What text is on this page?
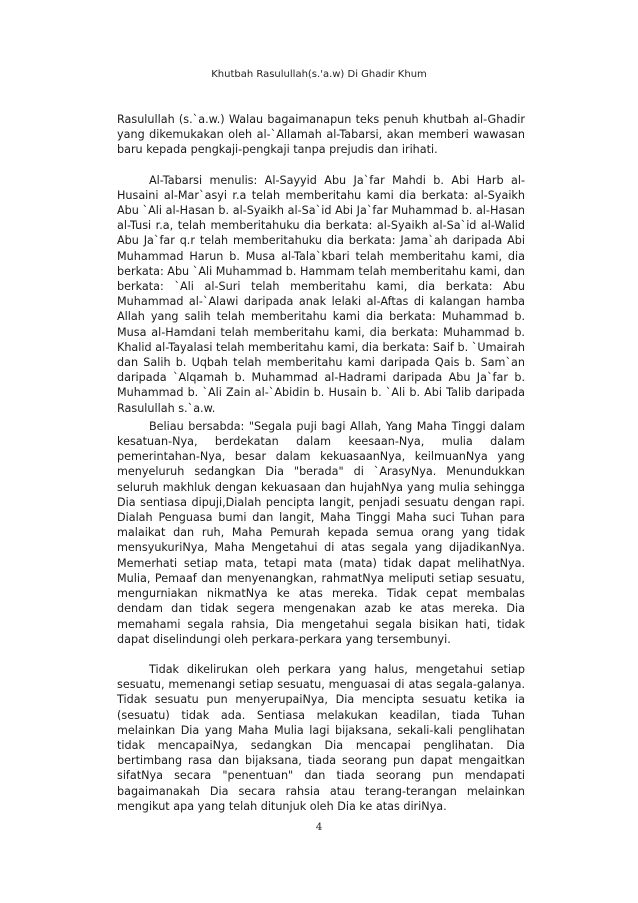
Khutbah Rasulullah(s.'a.w) Di Ghadir Khum

Rasulullah (s.`a.w.) Walau bagaimanapun teks penuh khutbah al-Ghadir yang dikemukakan oleh al-`Allamah al-Tabarsi, akan memberi wawasan baru kepada pengkaji-pengkaji tanpa prejudis dan irihati.

Al-Tabarsi menulis: Al-Sayyid Abu Ja`far Mahdi b. Abi Harb al-Husaini al-Mar`asyi r.a telah memberitahu kami dia berkata: al-Syaikh Abu `Ali al-Hasan b. al-Syaikh al-Sa`id Abi Ja`far Muhammad b. al-Hasan al-Tusi r.a, telah memberitahuku dia berkata: al-Syaikh al-Sa`id al-Walid Abu Ja`far q.r telah memberitahuku dia berkata: Jama`ah daripada Abi Muhammad Harun b. Musa al-Tala`kbari telah memberitahu kami, dia berkata: Abu `Ali Muhammad b. Hammam telah memberitahu kami, dan berkata: `Ali al-Suri telah memberitahu kami, dia berkata: Abu Muhammad al-`Alawi daripada anak lelaki al-Aftas di kalangan hamba Allah yang salih telah memberitahu kami dia berkata: Muhammad b. Musa al-Hamdani telah memberitahu kami, dia berkata: Muhammad b. Khalid al-Tayalasi telah memberitahu kami, dia berkata: Saif b. `Umairah dan Salih b. Uqbah telah memberitahu kami daripada Qais b. Sam`an daripada `Alqamah b. Muhammad al-Hadrami daripada Abu Ja`far b. Muhammad b. `Ali Zain al-`Abidin b. Husain b. `Ali b. Abi Talib daripada Rasulullah s.`a.w.

Beliau bersabda: "Segala puji bagi Allah, Yang Maha Tinggi dalam kesatuan-Nya, berdekatan dalam keesaan-Nya, mulia dalam pemerintahan-Nya, besar dalam kekuasaanNya, keilmuanNya yang menyeluruh sedangkan Dia "berada" di `ArasyNya. Menundukkan seluruh makhluk dengan kekuasaan dan hujahNya yang mulia sehingga Dia sentiasa dipuji,Dialah pencipta langit, penjadi sesuatu dengan rapi. Dialah Penguasa bumi dan langit, Maha Tinggi Maha suci Tuhan para malaikat dan ruh, Maha Pemurah kepada semua orang yang tidak mensyukuriNya, Maha Mengetahui di atas segala yang dijadikanNya. Memerhati setiap mata, tetapi mata (mata) tidak dapat melihatNya. Mulia, Pemaaf dan menyenangkan, rahmatNya meliputi setiap sesuatu, mengurniakan nikmatNya ke atas mereka. Tidak cepat membalas dendam dan tidak segera mengenakan azab ke atas mereka. Dia memahami segala rahsia, Dia mengetahui segala bisikan hati, tidak dapat diselindungi oleh perkara-perkara yang tersembunyi.

Tidak dikelirukan oleh perkara yang halus, mengetahui setiap sesuatu, memenangi setiap sesuatu, menguasai di atas segala-galanya. Tidak sesuatu pun menyerupaiNya, Dia mencipta sesuatu ketika ia (sesuatu) tidak ada. Sentiasa melakukan keadilan, tiada Tuhan melainkan Dia yang Maha Mulia lagi bijaksana, sekali-kali penglihatan tidak mencapaiNya, sedangkan Dia mencapai penglihatan. Dia bertimbang rasa dan bijaksana, tiada seorang pun dapat mengaitkan sifatNya secara "penentuan" dan tiada seorang pun mendapati bagaimanakah Dia secara rahsia atau terang-terangan melainkan mengikut apa yang telah ditunjuk oleh Dia ke atas diriNya.

4
